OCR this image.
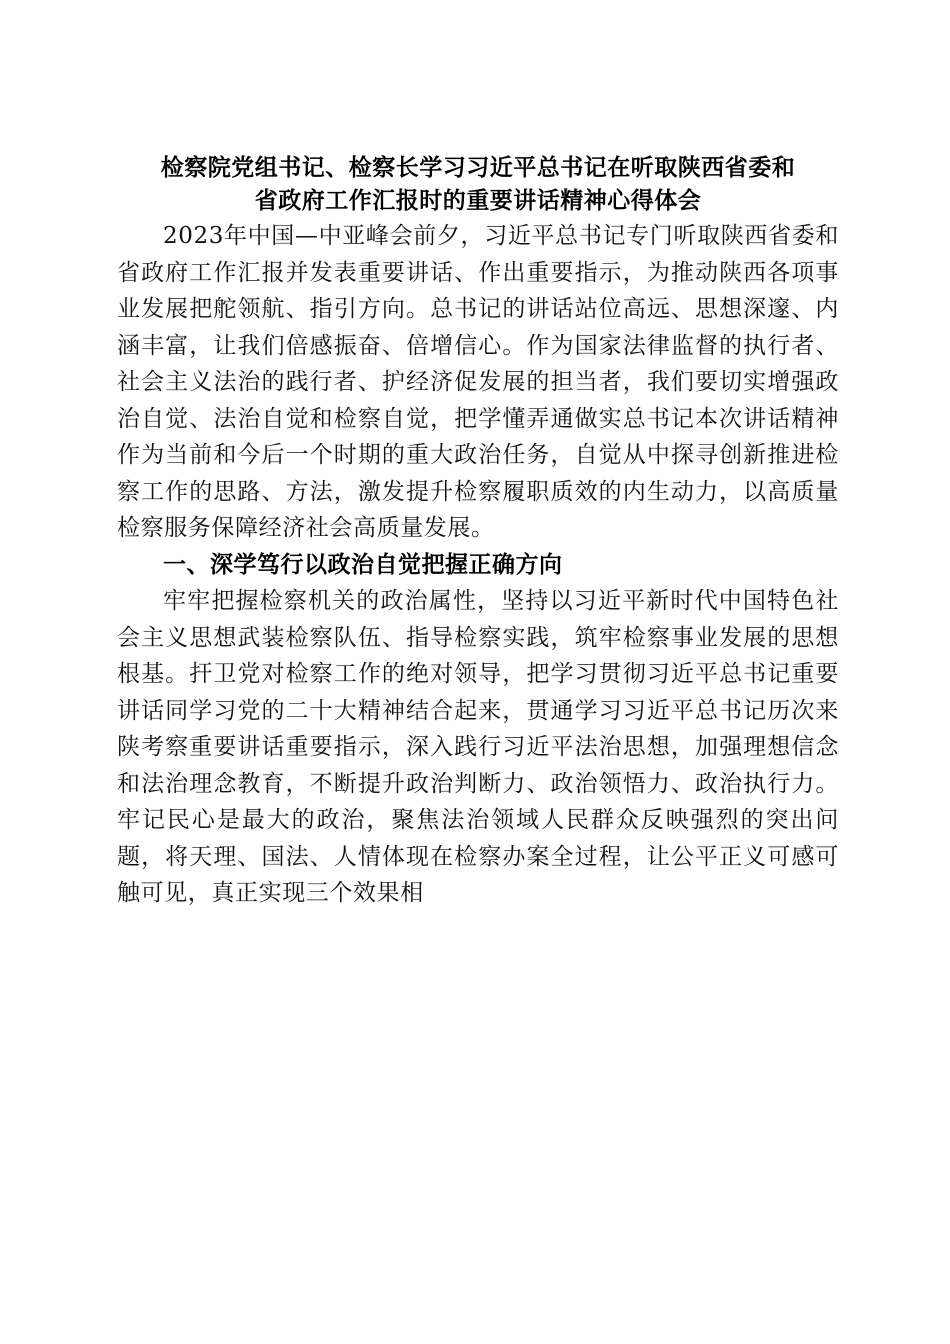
检察院党组书记、检察长学习习近平总书记在听取陕西省委和
省政府工作汇报时的重要讲话精神心得体会

2023年中国—中亚峰会前夕，习近平总书记专门听取陕西省委和省政府工作汇报并发表重要讲话、作出重要指示，为推动陕西各项事业发展把舵领航、指引方向。总书记的讲话站位高远、思想深邃、内涵丰富，让我们倍感振奋、倍增信心。作为国家法律监督的执行者、社会主义法治的践行者、护经济促发展的担当者，我们要切实增强政治自觉、法治自觉和检察自觉，把学懂弄通做实总书记本次讲话精神作为当前和今后一个时期的重大政治任务，自觉从中探寻创新推进检察工作的思路、方法，激发提升检察履职质效的内生动力，以高质量检察服务保障经济社会高质量发展。

一、深学笃行以政治自觉把握正确方向

牢牢把握检察机关的政治属性，坚持以习近平新时代中国特色社会主义思想武装检察队伍、指导检察实践，筑牢检察事业发展的思想根基。扞卫党对检察工作的绝对领导，把学习贯彻习近平总书记重要讲话同学习党的二十大精神结合起来，贯通学习习近平总书记历次来陕考察重要讲话重要指示，深入践行习近平法治思想，加强理想信念和法治理念教育，不断提升政治判断力、政治领悟力、政治执行力。牢记民心是最大的政治，聚焦法治领域人民群众反映强烈的突出问题，将天理、国法、人情体现在检察办案全过程，让公平正义可感可触可见，真正实现三个效果相
